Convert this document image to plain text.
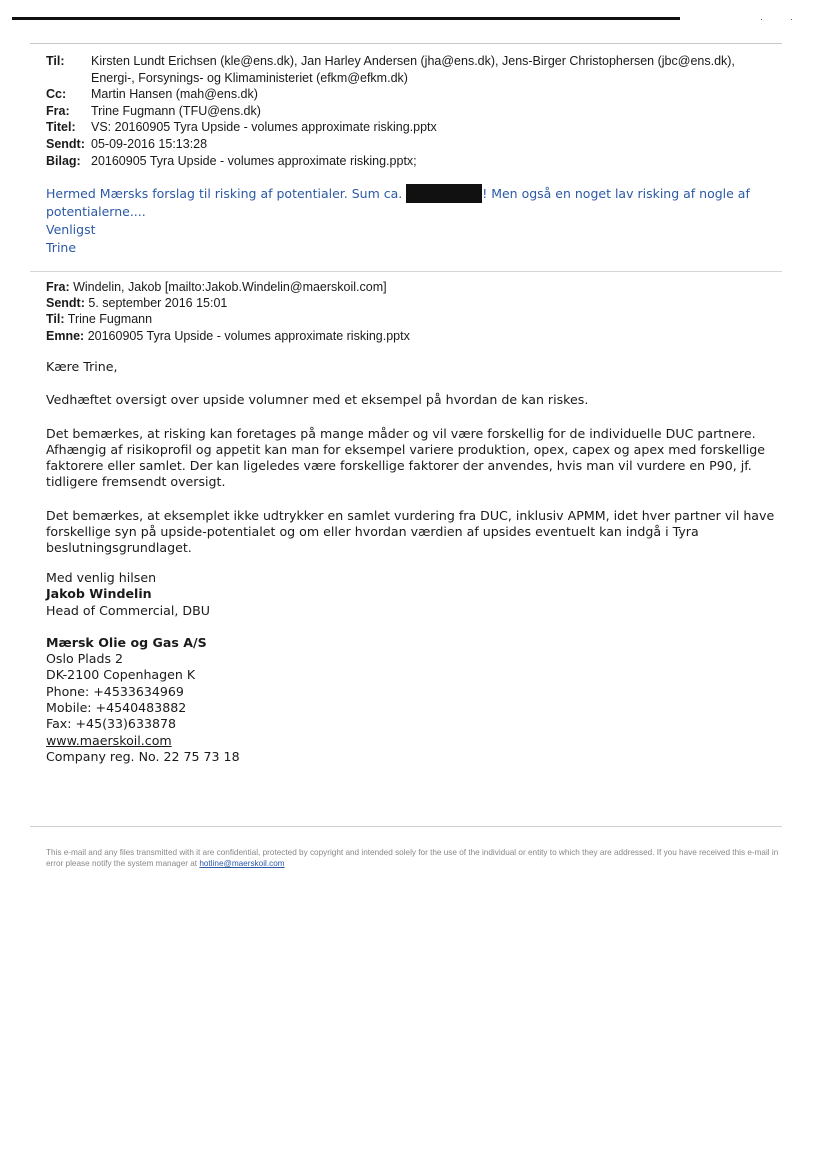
·	·
Til:	Kirsten Lundt Erichsen (kle@ens.dk), Jan Harley Andersen (jha@ens.dk), Jens-Birger Christophersen (jbc@ens.dk),
Energi-, Forsynings- og Klimaministeriet (efkm@efkm.dk)
Cc:	Martin Hansen (mah@ens.dk)
Fra:	Trine Fugmann (TFU@ens.dk)
Titel:	VS: 20160905 Tyra Upside - volumes approximate risking.pptx
Sendt: 05-09-2016 15:13:28
Bilag: 20160905 Tyra Upside - volumes approximate risking.pptx;
Hermed Mærsks forslag til risking af potentialer. Sum ca.	! Men også en noget lav risking af nogle af
potentialerne....
Venligst
Trine
Fra: Windelin, Jakob [mailto:Jakob.Windelin@maerskoil.com]
Sendt: 5. september 2016 15:01
Til: Trine Fugmann
Emne: 20160905 Tyra Upside - volumes approximate risking.pptx

Kære Trine,

Vedhæftet oversigt over upside volumner med et eksempel på hvordan de kan riskes.

Det bemærkes, at risking kan foretages på mange måder og vil være forskellig for de individuelle DUC partnere. Afhængig af risikoprofil og appetit kan man for eksempel variere produktion, opex, capex og apex med forskellige faktorere eller samlet. Der kan ligeledes være forskellige faktorer der anvendes, hvis man vil vurdere en P90, jf. tidligere fremsendt oversigt.

Det bemærkes, at eksemplet ikke udtrykker en samlet vurdering fra DUC, inklusiv APMM, idet hver partner vil have forskellige syn på upside-potentialet og om eller hvordan værdien af upsides eventuelt kan indgå i Tyra beslutningsgrundlaget.

Med venlig hilsen
Jakob Windelin
Head of Commercial, DBU
Mærsk Olie og Gas A/S
Oslo Plads 2
DK-2100 Copenhagen K
Phone: +4533634969
Mobile: +4540483882
Fax: +45(33)633878
www.maerskoil.com
Company reg. No. 22 75 73 18
This e-mail and any files transmitted with it are confidential, protected by copyright and intended solely for the use of the individual or entity to which they are addressed. If you have received this e-mail in error please notify the system manager at hotline@maerskoil.com
